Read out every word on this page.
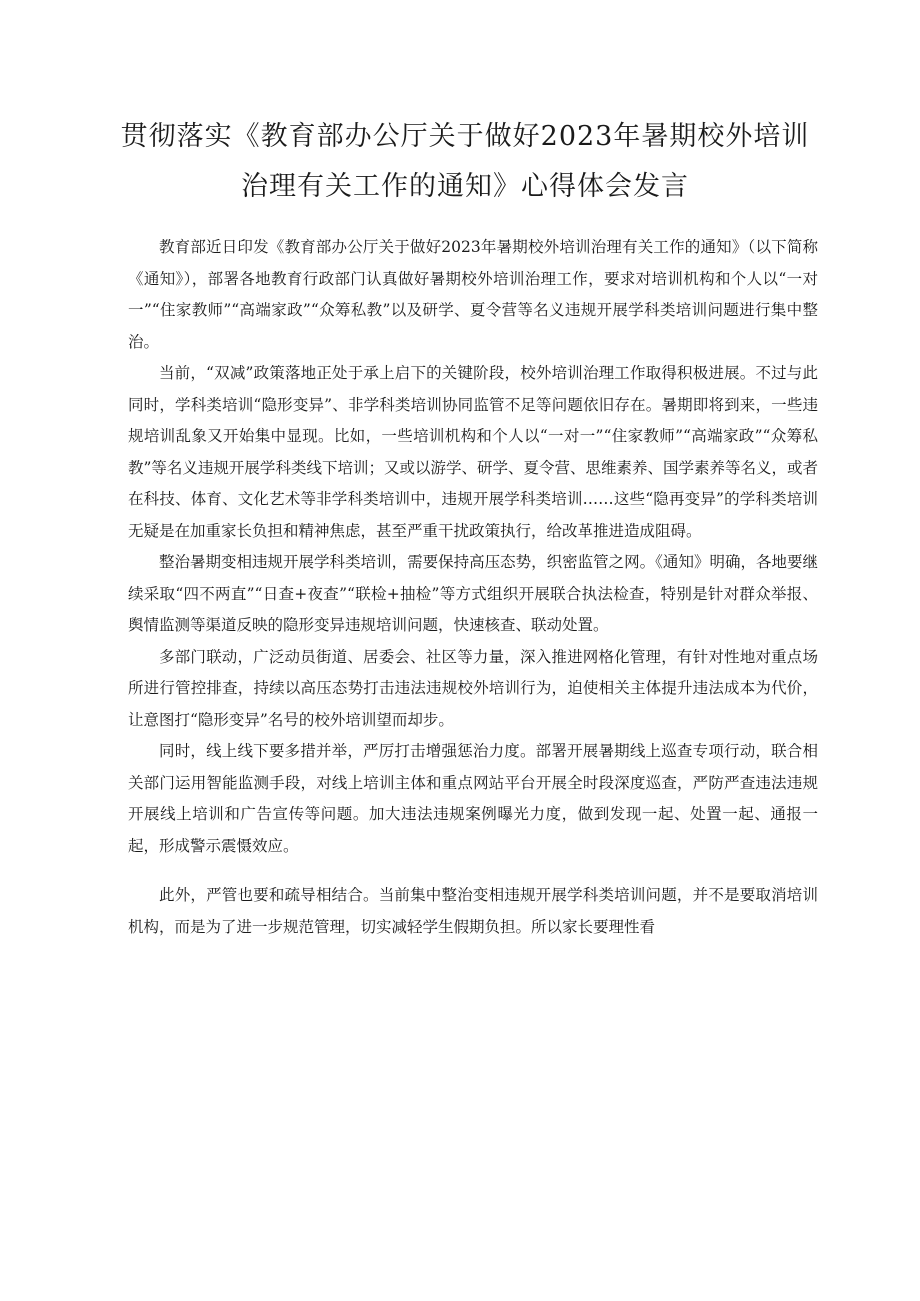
贯彻落实《教育部办公厅关于做好2023年暑期校外培训
治理有关工作的通知》心得体会发言

教育部近日印发《教育部办公厅关于做好2023年暑期校外培训治理有关工作的通知》（以下简称《通知》），部署各地教育行政部门认真做好暑期校外培训治理工作，要求对培训机构和个人以“一对一”“住家教师”“高端家政”“众筹私教”以及研学、夏令营等名义违规开展学科类培训问题进行集中整治。

当前，“双减”政策落地正处于承上启下的关键阶段，校外培训治理工作取得积极进展。不过与此同时，学科类培训“隐形变异”、非学科类培训协同监管不足等问题依旧存在。暑期即将到来，一些违规培训乱象又开始集中显现。比如，一些培训机构和个人以“一对一”“住家教师”“高端家政”“众筹私教”等名义违规开展学科类线下培训；又或以游学、研学、夏令营、思维素养、国学素养等名义，或者在科技、体育、文化艺术等非学科类培训中，违规开展学科类培训……这些“隐再变异”的学科类培训无疑是在加重家长负担和精神焦虑，甚至严重干扰政策执行，给改革推进造成阻碍。

整治暑期变相违规开展学科类培训，需要保持高压态势，织密监管之网。《通知》明确，各地要继续采取“四不两直”“日查+夜查”“联检+抽检”等方式组织开展联合执法检查，特别是针对群众举报、舆情监测等渠道反映的隐形变异违规培训问题，快速核查、联动处置。

多部门联动，广泛动员街道、居委会、社区等力量，深入推进网格化管理，有针对性地对重点场所进行管控排查，持续以高压态势打击违法违规校外培训行为，迫使相关主体提升违法成本为代价，让意图打“隐形变异”名号的校外培训望而却步。

同时，线上线下要多措并举，严厉打击增强惩治力度。部署开展暑期线上巡查专项行动，联合相关部门运用智能监测手段，对线上培训主体和重点网站平台开展全时段深度巡查，严防严查违法违规开展线上培训和广告宣传等问题。加大违法违规案例曝光力度，做到发现一起、处置一起、通报一起，形成警示震慑效应。

此外，严管也要和疏导相结合。当前集中整治变相违规开展学科类培训问题，并不是要取消培训机构，而是为了进一步规范管理，切实减轻学生假期负担。所以家长要理性看
